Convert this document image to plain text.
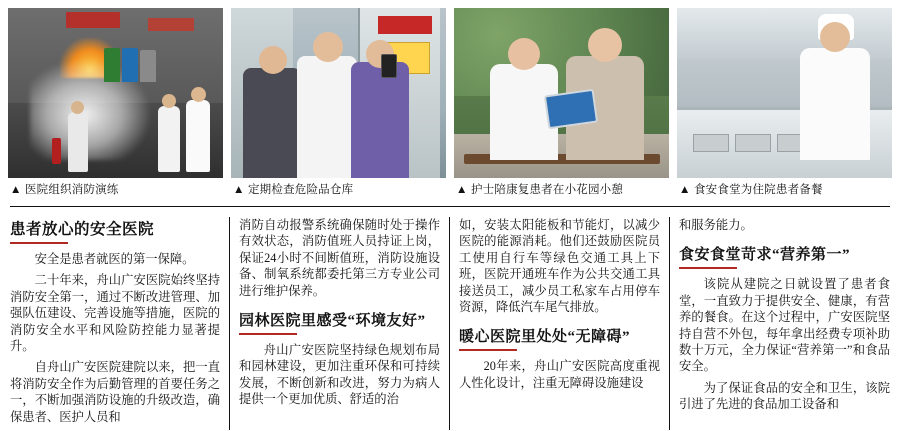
▲ 医院组织消防演练	▲ 定期检查危险品仓库	▲ 护士陪康复患者在小花园小憩	▲ 食安食堂为住院患者备餐
患者放心的安全医院

安全是患者就医的第一保障。

二十年来，舟山广安医院始终坚持消防安全第一，通过不断改进管理、加强队伍建设、完善设施等措施，医院的消防安全水平和风险防控能力显著提升。

自舟山广安医院建院以来，把一直将消防安全作为后勤管理的首要任务之一，不断加强消防设施的升级改造，确保患者、医护人员和

消防自动报警系统确保随时处于操作有效状态，消防值班人员持证上岗，保证24小时不间断值班，消防设施设备、制氧系统都委托第三方专业公司进行维护保养。

园林医院里感受“环境友好”

舟山广安医院坚持绿色规划布局和园林建设，更加注重环保和可持续发展，不断创新和改进，努力为病人提供一个更加优质、舒适的治

如，安装太阳能板和节能灯，以减少医院的能源消耗。他们还鼓励医院员工使用自行车等绿色交通工具上下班，医院开通班车作为公共交通工具接送员工，减少员工私家车占用停车资源，降低汽车尾气排放。

暖心医院里处处“无障碍”

20年来，舟山广安医院高度重视人性化设计，注重无障碍设施建设

和服务能力。

食安食堂苛求“营养第一”

该院从建院之日就设置了患者食堂，一直致力于提供安全、健康，有营养的餐食。在这个过程中，广安医院坚持自营不外包，每年拿出经费专项补助数十万元，全力保证“营养第一”和食品安全。

为了保证食品的安全和卫生，该院引进了先进的食品加工设备和
